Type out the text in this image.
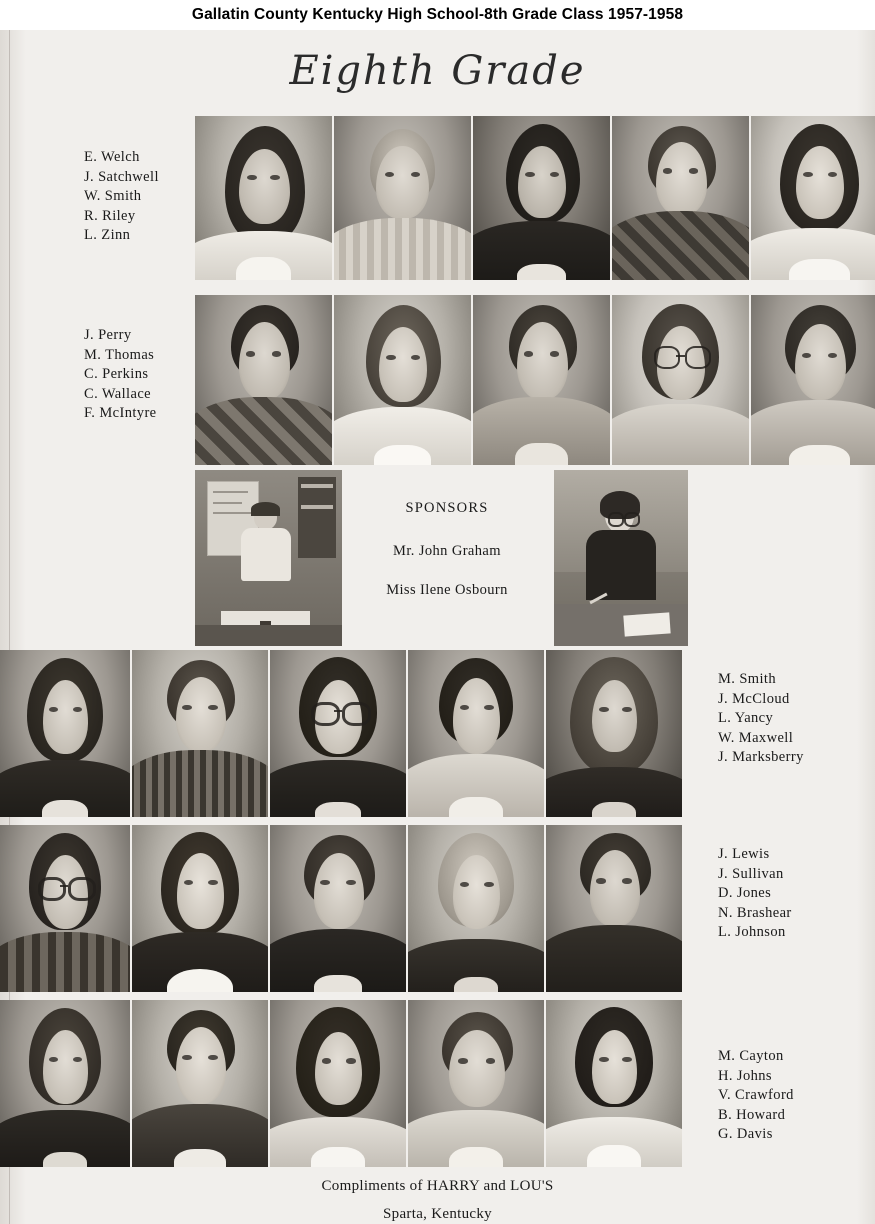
Gallatin County Kentucky High School-8th Grade Class 1957-1958
Eighth Grade
E. Welch
J. Satchwell
W. Smith
R. Riley
L. Zinn
J. Perry
M. Thomas
C. Perkins
C. Wallace
F. McIntyre
SPONSORS
Mr. John Graham
Miss Ilene Osbourn
M. Smith
J. McCloud
L. Yancy
W. Maxwell
J. Marksberry
J. Lewis
J. Sullivan
D. Jones
N. Brashear
L. Johnson
M. Cayton
H. Johns
V. Crawford
B. Howard
G. Davis
Compliments of HARRY and LOU'S
Sparta, Kentucky
